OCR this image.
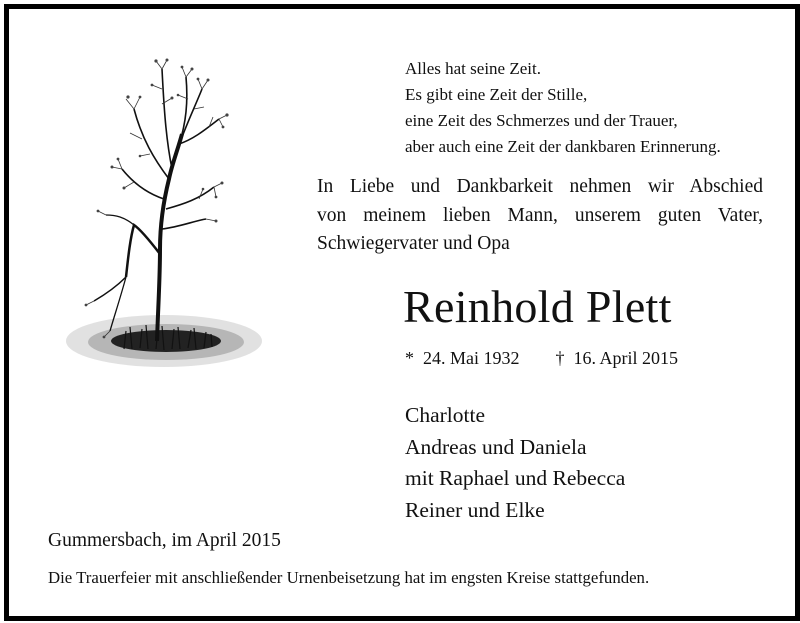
Alles hat seine Zeit.
Es gibt eine Zeit der Stille,
eine Zeit des Schmerzes und der Trauer,
aber auch eine Zeit der dankbaren Erinnerung.
In Liebe und Dankbarkeit nehmen wir Abschied
von meinem lieben Mann, unserem guten Vater,
Schwiegervater und Opa
Reinhold Plett
* 24. Mai 1932 † 16. April 2015
Charlotte
Andreas und Daniela
mit Raphael und Rebecca
Reiner und Elke
Gummersbach, im April 2015
Die Trauerfeier mit anschließender Urnenbeisetzung hat im engsten Kreise stattgefunden.
